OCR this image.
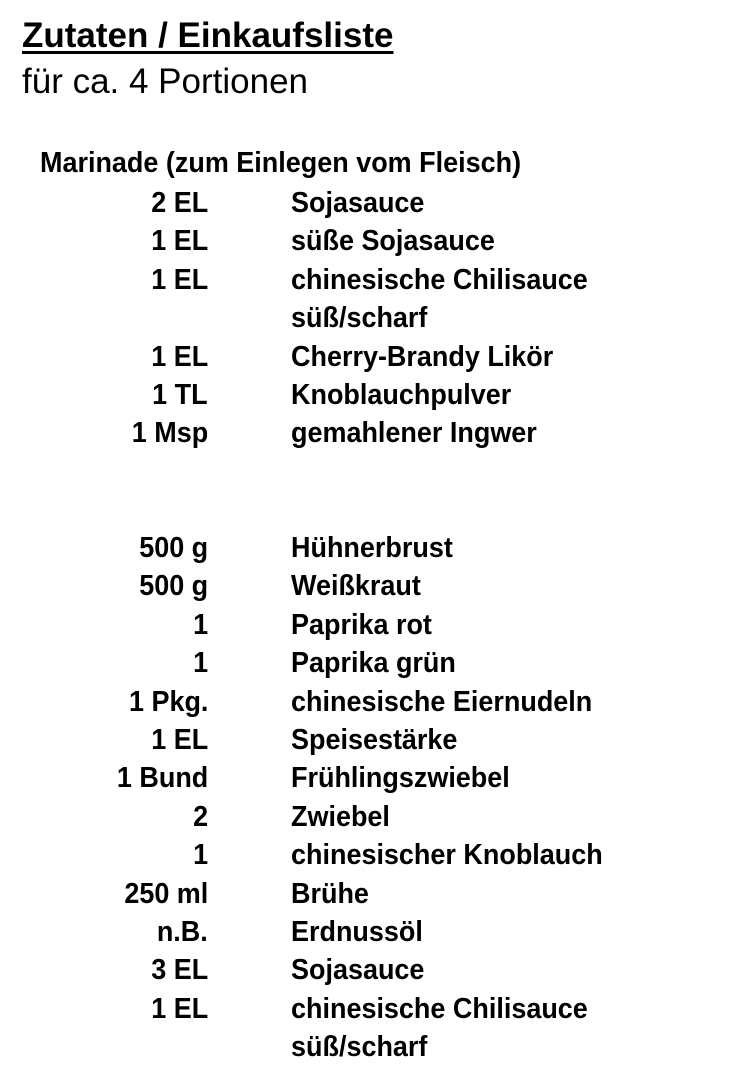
Zutaten / Einkaufsliste
für ca. 4 Portionen
Marinade (zum Einlegen vom Fleisch)
2 EL	Sojasauce
1 EL	süße Sojasauce
1 EL	chinesische Chilisauce
süß/scharf
1 EL	Cherry-Brandy Likör
1 TL	Knoblauchpulver
1 Msp	gemahlener Ingwer
500 g	Hühnerbrust
500 g	Weißkraut
1	Paprika rot
1	Paprika grün
1 Pkg.	chinesische Eiernudeln
1 EL	Speisestärke
1 Bund	Frühlingszwiebel
2	Zwiebel
1	chinesischer Knoblauch
250 ml	Brühe
n.B.	Erdnussöl
3 EL	Sojasauce
1 EL	chinesische Chilisauce
süß/scharf
